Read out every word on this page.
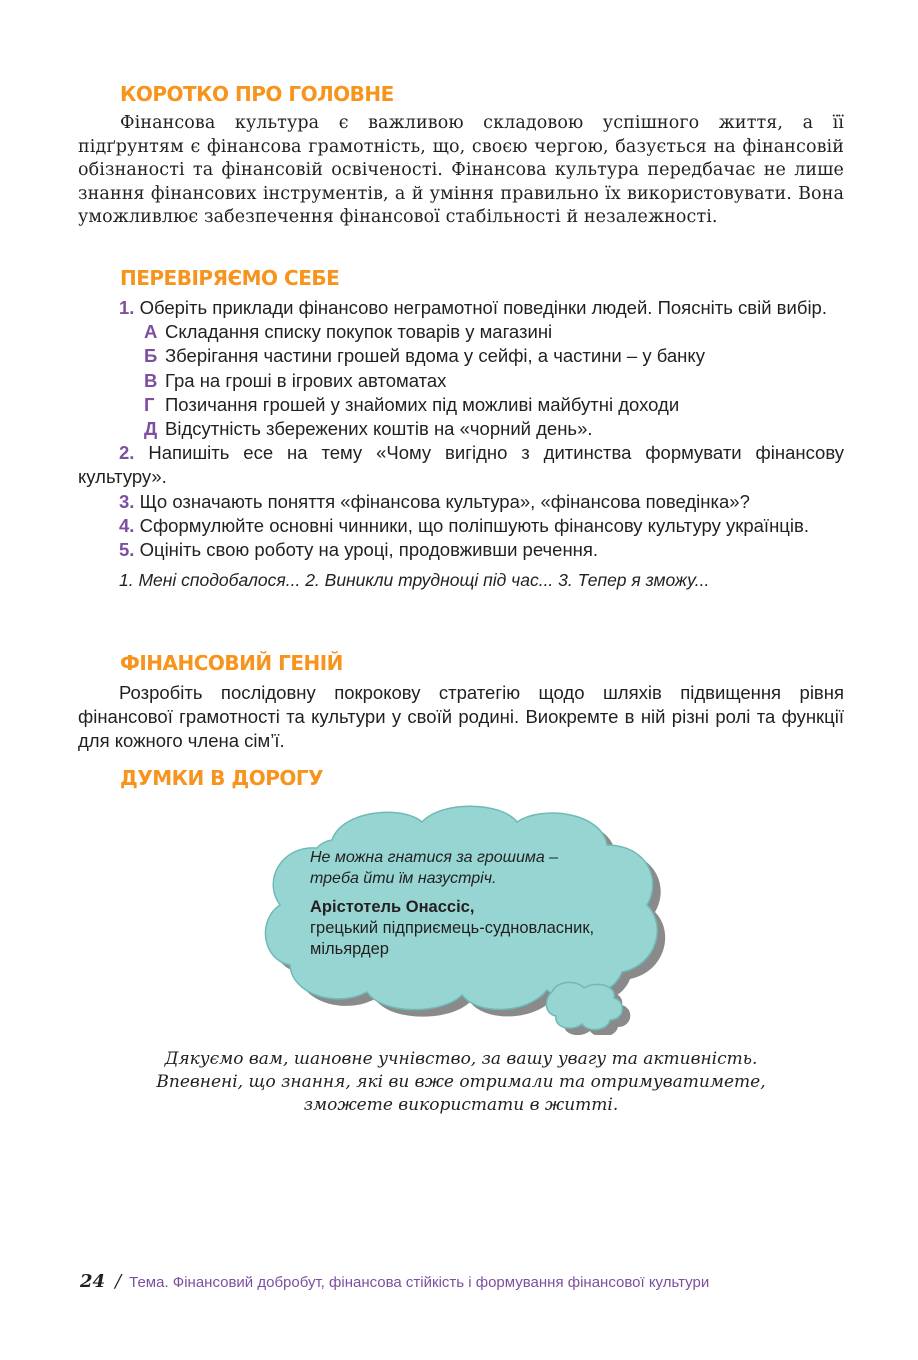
КОРОТКО ПРО ГОЛОВНЕ

Фінансова культура є важливою складовою успішного життя, а її підґрунтям є фінансова грамотність, що, своєю чергою, базується на фінансовій обізнаності та фінансовій освіченості. Фінансова культура передбачає не лише знання фінансових інструментів, а й уміння правильно їх використовувати. Вона уможливлює забезпечення фінансової стабільності й незалежності.

ПЕРЕВІРЯЄМО СЕБЕ

1. Оберіть приклади фінансово неграмотної поведінки людей. Поясніть свій вибір.

А Складання списку покупок товарів у магазині
Б Зберігання частини грошей вдома у сейфі, а частини – у банку
В Гра на гроші в ігрових автоматах
Г Позичання грошей у знайомих під можливі майбутні доходи
Д Відсутність збережених коштів на «чорний день».

2. Напишіть есе на тему «Чому вигідно з дитинства формувати фінансову культуру».

3. Що означають поняття «фінансова культура», «фінансова поведінка»?

4. Сформулюйте основні чинники, що поліпшують фінансову культуру українців.

5. Оцініть свою роботу на уроці, продовживши речення.

1. Мені сподобалося... 2. Виникли труднощі під час... 3. Тепер я зможу...

ФІНАНСОВИЙ ГЕНІЙ

Розробіть послідовну покрокову стратегію щодо шляхів підвищення рівня фінансової грамотності та культури у своїй родині. Виокремте в ній різні ролі та функції для кожного члена сім’ї.

ДУМКИ В ДОРОГУ

Не можна гнатися за грошима –

треба йти їм назустріч.

Арістотель Онассіс,

грецький підприємець-судновласник,

мільярдер

Дякуємо вам, шановне учнівство, за вашу увагу та активність.
Впевнені, що знання, які ви вже отримали та отримуватимете,
зможете використати в житті.

24 / Тема. Фінансовий добробут, фінансова стійкість і формування фінансової культури
